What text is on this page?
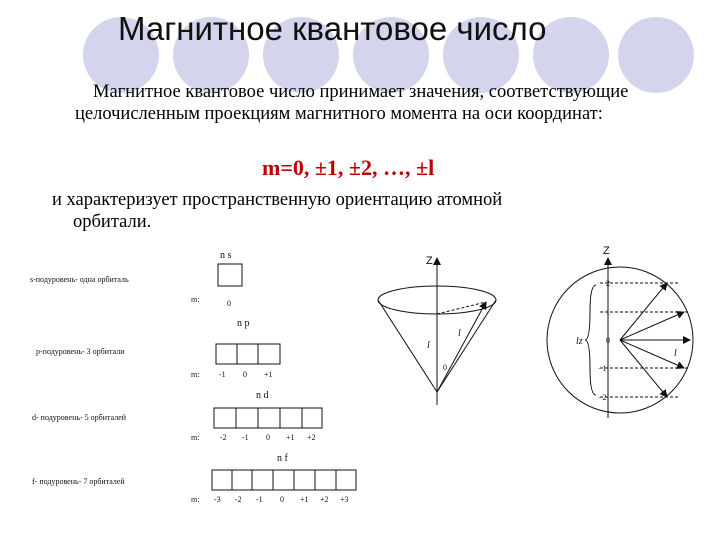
Магнитное квантовое число
Магнитное квантовое число принимает значения, соответствующие целочисленным проекциям магнитного момента на оси координат:
m=0, ±1, ±2, …, ±l
и характеризует пространственную ориентацию атомной
орбитали.
n s
s-подуровень- одна орбиталь
m:	0
n p
р-подуровень- 3 орбитали
m: -1 0 +1
n d
d- подуровень- 5 орбиталей
m:	-2 -1 0 +1 +2
n f
f- подуровень- 7 орбиталей
m: -3 -2 -1 0 +1 +2 +3
Z
l
l
0
Z
2
1
0
−1
−2
lz
l
